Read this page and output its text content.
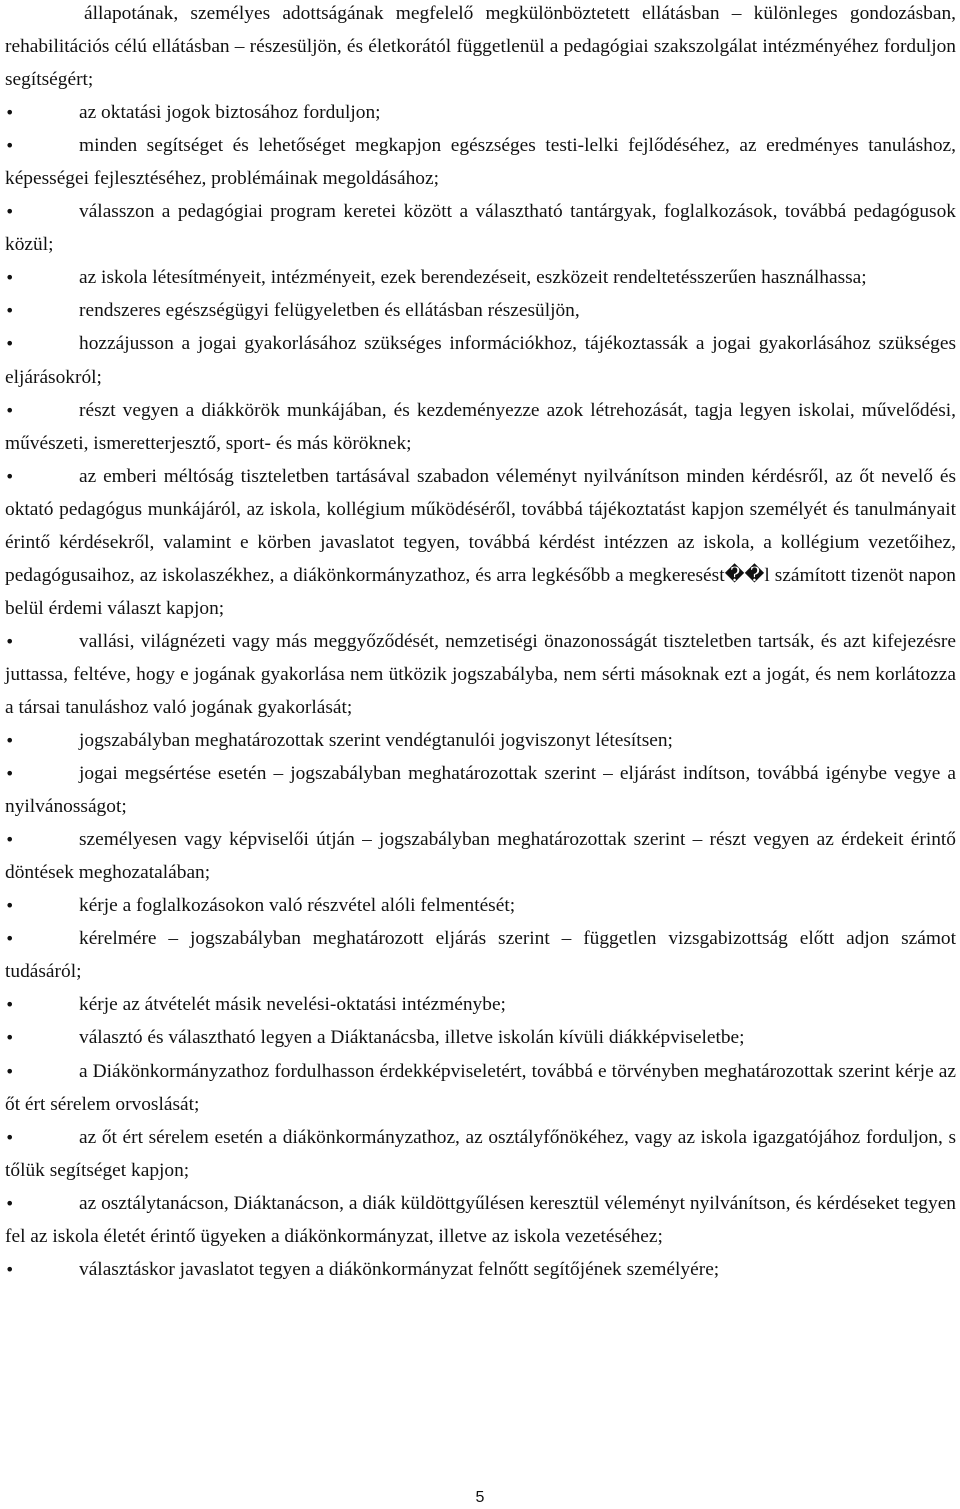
állapotának, személyes adottságának megfelelő megkülönböztetett ellátásban – különleges gondozásban, rehabilitációs célú ellátásban – részesüljön, és életkorától függetlenül a pedagógiai szakszolgálat intézményéhez forduljon segítségért;

•	az oktatási jogok biztosához forduljon;

•	minden segítséget és lehetőséget megkapjon egészséges testi-lelki fejlődéséhez, az eredményes tanuláshoz, képességei fejlesztéséhez, problémáinak megoldásához;

•	válasszon a pedagógiai program keretei között a választható tantárgyak, foglalkozások, továbbá pedagógusok közül;

•	az iskola létesítményeit, intézményeit, ezek berendezéseit, eszközeit rendeltetésszerűen használhassa;

•	rendszeres egészségügyi felügyeletben és ellátásban részesüljön,

•	hozzájusson a jogai gyakorlásához szükséges információkhoz, tájékoztassák a jogai gyakorlásához szükséges eljárásokról;

•	részt vegyen a diákkörök munkájában, és kezdeményezze azok létrehozását, tagja legyen iskolai, művelődési, művészeti, ismeretterjesztő, sport- és más köröknek;

•	az emberi méltóság tiszteletben tartásával szabadon véleményt nyilvánítson minden kérdésről, az őt nevelő és oktató pedagógus munkájáról, az iskola, kollégium működéséről, továbbá tájékoztatást kapjon személyét és tanulmányait érintő kérdésekről, valamint e körben javaslatot tegyen, továbbá kérdést intézzen az iskola, a kollégium vezetőihez, pedagógusaihoz, az iskolaszékhez, a diákönkormányzathoz, és arra legkésőbb a megkeresést��l számított tizenöt napon belül érdemi választ kapjon;

•	vallási, világnézeti vagy más meggyőződését, nemzetiségi önazonosságát tiszteletben tartsák, és azt kifejezésre juttassa, feltéve, hogy e jogának gyakorlása nem ütközik jogszabályba, nem sérti másoknak ezt a jogát, és nem korlátozza a társai tanuláshoz való jogának gyakorlását;

•	jogszabályban meghatározottak szerint vendégtanulói jogviszonyt létesítsen;

•	jogai megsértése esetén – jogszabályban meghatározottak szerint – eljárást indítson, továbbá igénybe vegye a nyilvánosságot;

•	személyesen vagy képviselői útján – jogszabályban meghatározottak szerint – részt vegyen az érdekeit érintő döntések meghozatalában;

•	kérje a foglalkozásokon való részvétel alóli felmentését;

•	kérelmére – jogszabályban meghatározott eljárás szerint – független vizsgabizottság előtt adjon számot tudásáról;

•	kérje az átvételét másik nevelési-oktatási intézménybe;

•	választó és választható legyen a Diáktanácsba, illetve iskolán kívüli diákképviseletbe;

•	a Diákönkormányzathoz fordulhasson érdekképviseletért, továbbá e törvényben meghatározottak szerint kérje az őt ért sérelem orvoslását;

•	az őt ért sérelem esetén a diákönkormányzathoz, az osztályfőnökéhez, vagy az iskola igazgatójához forduljon, s tőlük segítséget kapjon;

•	az osztálytanácson, Diáktanácson, a diák küldöttgyűlésen keresztül véleményt nyilvánítson, és kérdéseket tegyen fel az iskola életét érintő ügyeken a diákönkormányzat, illetve az iskola vezetéséhez;

•	választáskor javaslatot tegyen a diákönkormányzat felnőtt segítőjének személyére;

5
